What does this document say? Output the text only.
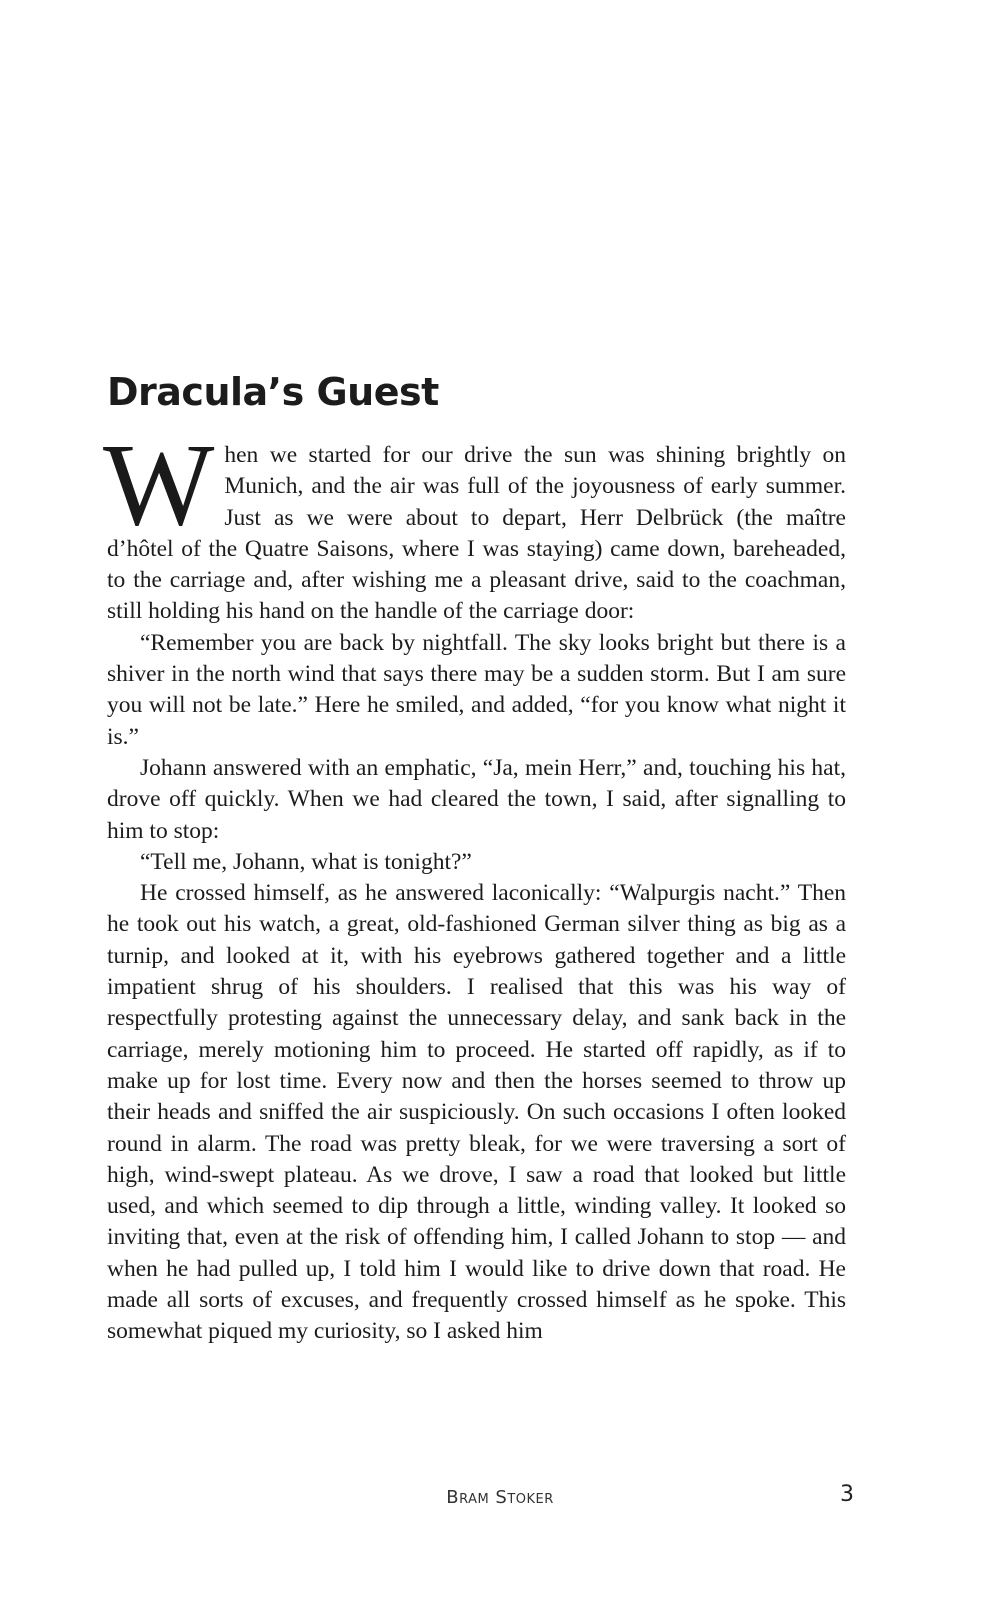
Dracula’s Guest

When we started for our drive the sun was shining brightly on Munich, and the air was full of the joyousness of early summer. Just as we were about to depart, Herr Delbrück (the maître d’hôtel of the Quatre Saisons, where I was staying) came down, bareheaded, to the carriage and, after wishing me a pleasant drive, said to the coachman, still holding his hand on the handle of the carriage door:

“Remember you are back by nightfall. The sky looks bright but there is a shiver in the north wind that says there may be a sudden storm. But I am sure you will not be late.” Here he smiled, and added, “for you know what night it is.”

Johann answered with an emphatic, “Ja, mein Herr,” and, touching his hat, drove off quickly. When we had cleared the town, I said, after signalling to him to stop:

“Tell me, Johann, what is tonight?”

He crossed himself, as he answered laconically: “Walpurgis nacht.” Then he took out his watch, a great, old-fashioned German silver thing as big as a turnip, and looked at it, with his eyebrows gathered together and a little impatient shrug of his shoulders. I realised that this was his way of respectfully protesting against the unnecessary delay, and sank back in the carriage, merely motioning him to proceed. He started off rapidly, as if to make up for lost time. Every now and then the horses seemed to throw up their heads and sniffed the air suspiciously. On such occasions I often looked round in alarm. The road was pretty bleak, for we were traversing a sort of high, wind-swept plateau. As we drove, I saw a road that looked but little used, and which seemed to dip through a little, winding valley. It looked so inviting that, even at the risk of offending him, I called Johann to stop — and when he had pulled up, I told him I would like to drive down that road. He made all sorts of excuses, and frequently crossed himself as he spoke. This somewhat piqued my curiosity, so I asked him

Bram Stoker	3
